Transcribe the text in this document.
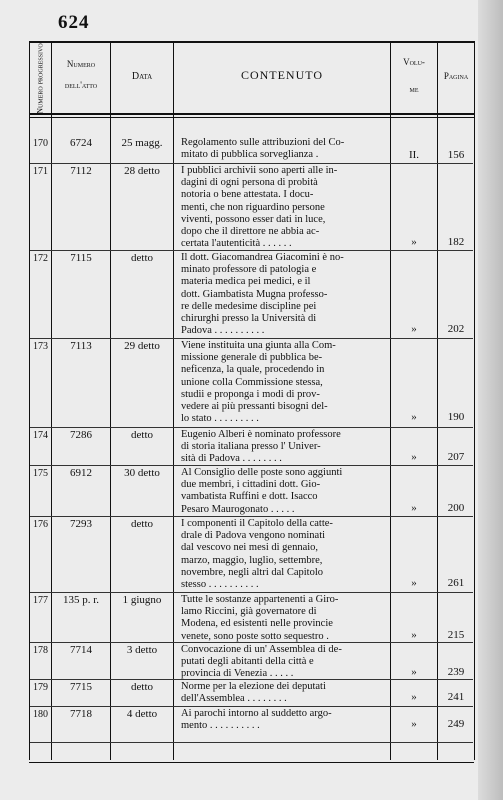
624
Numero progressivo	Numero
dell'atto
Data	CONTENUTO
Volu-
me
Pagina
170	6724	25 magg.	Regolamento sulle attribuzioni del Co-
mitato di pubblica sorveglianza .	II.	156
171	7112	28 detto	I pubblici archivii sono aperti alle in-
dagini di ogni persona di probità
notoria o bene attestata. I docu-
menti, che non riguardino persone
viventi, possono esser dati in luce,
dopo che il direttore ne abbia ac-
certata l'autenticità . . . . . .	»	182
172	7115	detto	Il dott. Giacomandrea Giacomini è no-
minato professore di patologia e
materia medica pei medici, e il
dott. Giambatista Mugna professo-
re delle medesime discipline pei
chirurghi presso la Università di
Padova . . . . . . . . . .	»	202
173	7113	29 detto	Viene instituita una giunta alla Com-
missione generale di pubblica be-
neficenza, la quale, procedendo in
unione colla Commissione stessa,
studii e proponga i modi di prov-
vedere ai più pressanti bisogni del-
lo stato . . . . . . . . .	»	190
174	7286	detto	Eugenio Alberi è nominato professore
di storia italiana presso l' Univer-
sità di Padova . . . . . . . .	»	207
175	6912	30 detto	Al Consiglio delle poste sono aggiunti
due membri, i cittadini dott. Gio-
vambatista Ruffini e dott. Isacco
Pesaro Maurogonato . . . . .	»	200
176	7293	detto	I componenti il Capitolo della catte-
drale di Padova vengono nominati
dal vescovo nei mesi di gennaio,
marzo, maggio, luglio, settembre,
novembre, negli altri dal Capitolo
stesso . . . . . . . . . .	»	261
177	135 p. r.	1 giugno	Tutte le sostanze appartenenti a Giro-
lamo Riccini, già governatore di
Modena, ed esistenti nelle provincie
venete, sono poste sotto sequestro .	»	215
178	7714	3 detto	Convocazione di un' Assemblea di de-
putati degli abitanti della città e
provincia di Venezia . . . . .	»	239
179	7715	detto	Norme per la elezione dei deputati
dell'Assemblea . . . . . . . .	»	241
180	7718	4 detto	Ai parochi intorno al suddetto argo-
mento . . . . . . . . . .	»	249
